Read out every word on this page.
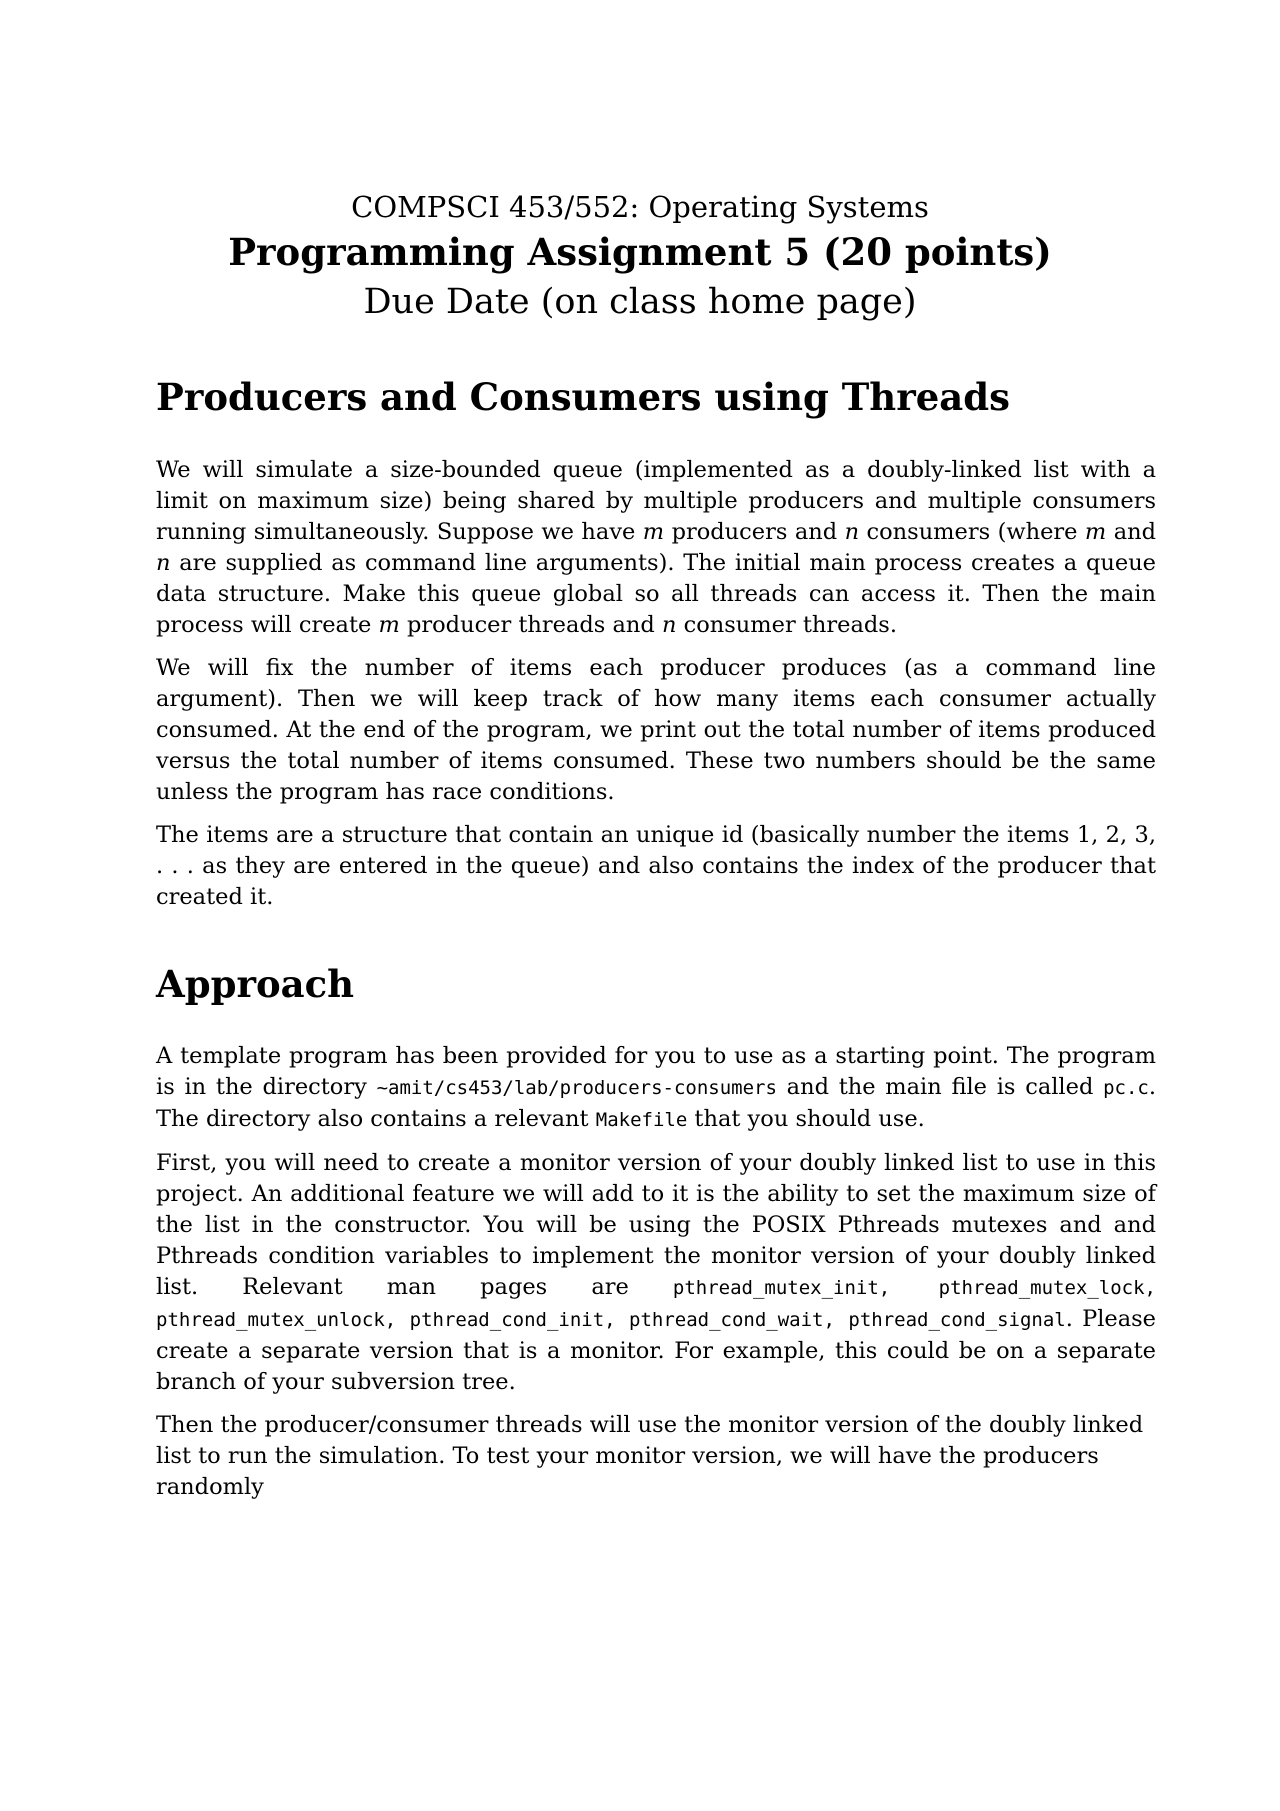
COMPSCI 453/552: Operating Systems
Programming Assignment 5 (20 points)
Due Date (on class home page)
Producers and Consumers using Threads

We will simulate a size-bounded queue (implemented as a doubly-linked list with a limit on maximum size) being shared by multiple producers and multiple consumers running simultaneously. Suppose we have m producers and n consumers (where m and n are supplied as command line arguments). The initial main process creates a queue data structure. Make this queue global so all threads can access it. Then the main process will create m producer threads and n consumer threads.

We will fix the number of items each producer produces (as a command line argument). Then we will keep track of how many items each consumer actually consumed. At the end of the program, we print out the total number of items produced versus the total number of items consumed. These two numbers should be the same unless the program has race conditions.

The items are a structure that contain an unique id (basically number the items 1, 2, 3, . . . as they are entered in the queue) and also contains the index of the producer that created it.

Approach

A template program has been provided for you to use as a starting point. The program is in the directory ~amit/cs453/lab/producers-consumers and the main file is called pc.c. The directory also contains a relevant Makefile that you should use.

First, you will need to create a monitor version of your doubly linked list to use in this project. An additional feature we will add to it is the ability to set the maximum size of the list in the constructor. You will be using the POSIX Pthreads mutexes and and Pthreads condition variables to implement the monitor version of your doubly linked list. Relevant man pages are pthread_mutex_init, pthread_mutex_lock, pthread_mutex_unlock, pthread_cond_init, pthread_cond_wait, pthread_cond_signal. Please create a separate version that is a monitor. For example, this could be on a separate branch of your subversion tree.

Then the producer/consumer threads will use the monitor version of the doubly linked list to run the simulation. To test your monitor version, we will have the producers randomly
